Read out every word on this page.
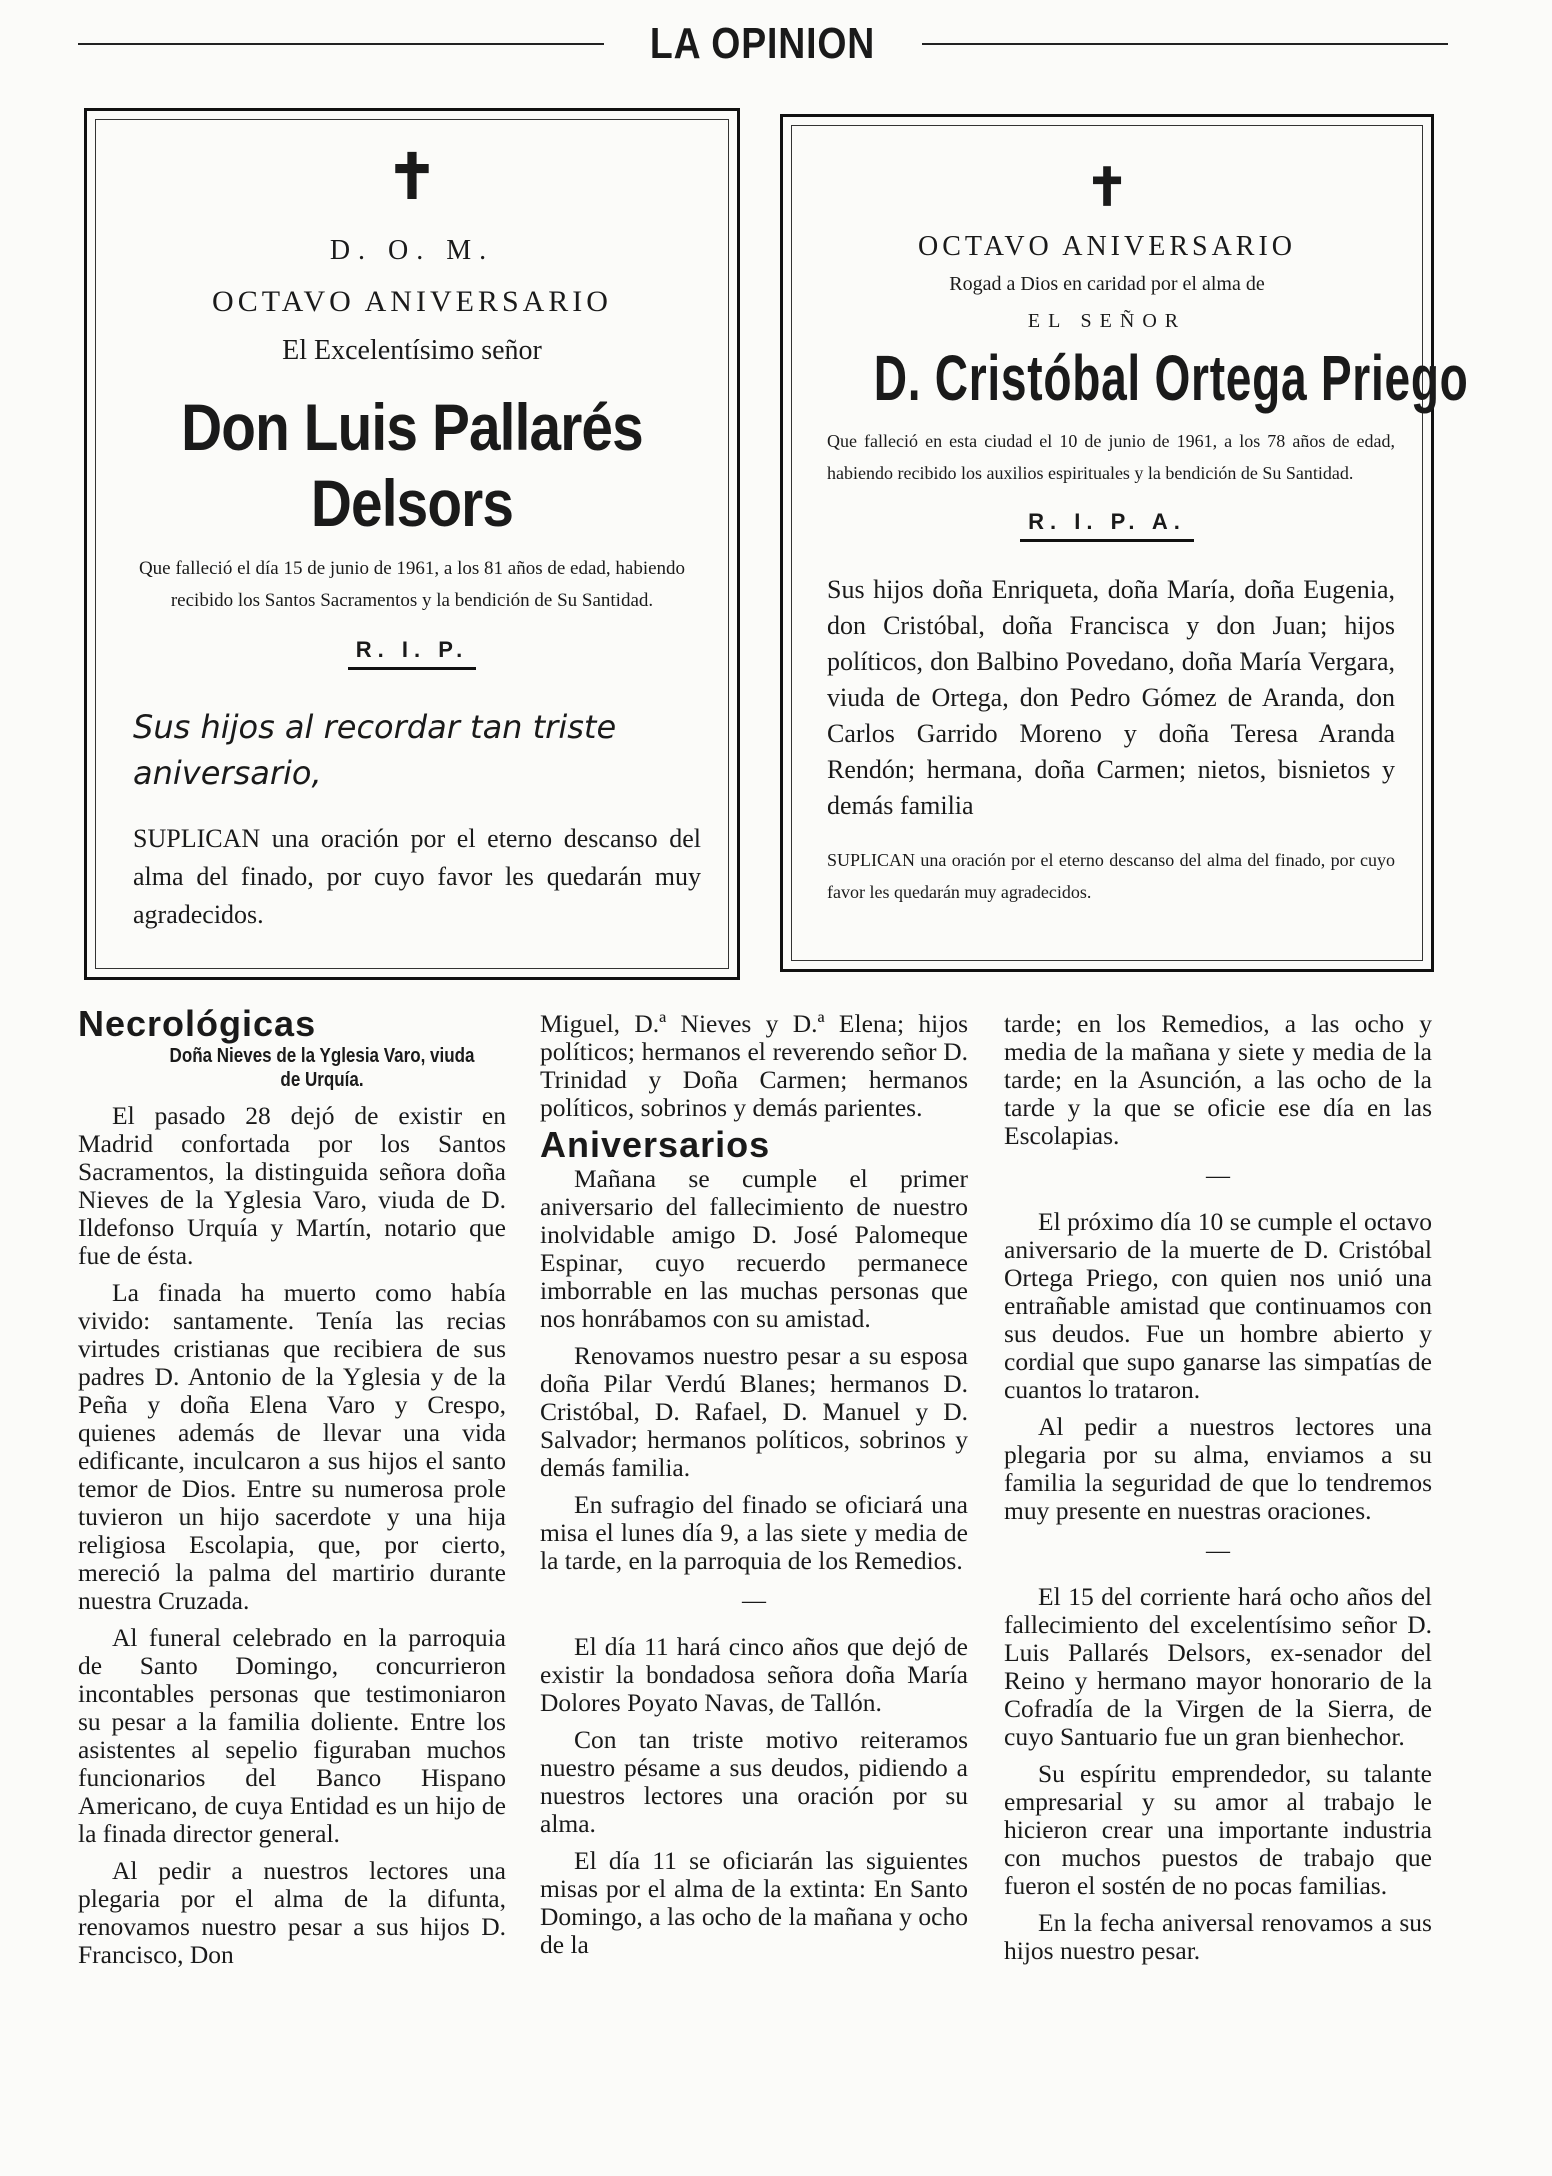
LA OPINION
✝
D. O. M.
OCTAVO ANIVERSARIO
El Excelentísimo señor
Don Luis Pallarés Delsors
Que falleció el día 15 de junio de 1961, a los 81 años de edad, habiendo recibido los Santos Sacramentos y la bendición de Su Santidad.
R. I. P.
Sus hijos al recordar tan triste aniversario,
SUPLICAN una oración por el eterno descanso del alma del finado, por cuyo favor les quedarán muy agradecidos.
✝
OCTAVO ANIVERSARIO
Rogad a Dios en caridad por el alma de
EL SEÑOR
D. Cristóbal Ortega Priego
Que falleció en esta ciudad el 10 de junio de 1961, a los 78 años de edad, habiendo recibido los auxilios espirituales y la bendición de Su Santidad.
R. I. P. A.
Sus hijos doña Enriqueta, doña María, doña Eugenia, don Cristóbal, doña Francisca y don Juan; hijos políticos, don Balbino Povedano, doña María Vergara, viuda de Ortega, don Pedro Gómez de Aranda, don Carlos Garrido Moreno y doña Teresa Aranda Rendón; hermana, doña Carmen; nietos, bisnietos y demás familia
SUPLICAN una oración por el eterno descanso del alma del finado, por cuyo favor les quedarán muy agradecidos.
Necrológicas
Doña Nieves de la Yglesia Varo, viuda de Urquía.

El pasado 28 dejó de existir en Madrid confortada por los Santos Sacramentos, la distinguida señora doña Nieves de la Yglesia Varo, viuda de D. Ildefonso Urquía y Martín, notario que fue de ésta.

La finada ha muerto como había vivido: santamente. Tenía las recias virtudes cristianas que recibiera de sus padres D. Antonio de la Yglesia y de la Peña y doña Elena Varo y Crespo, quienes además de llevar una vida edificante, inculcaron a sus hijos el santo temor de Dios. Entre su numerosa prole tuvieron un hijo sacerdote y una hija religiosa Escolapia, que, por cierto, mereció la palma del martirio durante nuestra Cruzada.

Al funeral celebrado en la parroquia de Santo Domingo, concurrieron incontables personas que testimoniaron su pesar a la familia doliente. Entre los asistentes al sepelio figuraban muchos funcionarios del Banco Hispano Americano, de cuya Entidad es un hijo de la finada director general.

Al pedir a nuestros lectores una plegaria por el alma de la difunta, renovamos nuestro pesar a sus hijos D. Francisco, Don

Miguel, D.ª Nieves y D.ª Elena; hijos políticos; hermanos el reverendo señor D. Trinidad y Doña Carmen; hermanos políticos, sobrinos y demás parientes.

Aniversarios

Mañana se cumple el primer aniversario del fallecimiento de nuestro inolvidable amigo D. José Palomeque Espinar, cuyo recuerdo permanece imborrable en las muchas personas que nos honrábamos con su amistad.

Renovamos nuestro pesar a su esposa doña Pilar Verdú Blanes; hermanos D. Cristóbal, D. Rafael, D. Manuel y D. Salvador; hermanos políticos, sobrinos y demás familia.

En sufragio del finado se oficiará una misa el lunes día 9, a las siete y media de la tarde, en la parroquia de los Remedios.

—

El día 11 hará cinco años que dejó de existir la bondadosa señora doña María Dolores Poyato Navas, de Tallón.

Con tan triste motivo reiteramos nuestro pésame a sus deudos, pidiendo a nuestros lectores una oración por su alma.

El día 11 se oficiarán las siguientes misas por el alma de la extinta: En Santo Domingo, a las ocho de la mañana y ocho de la

tarde; en los Remedios, a las ocho y media de la mañana y siete y media de la tarde; en la Asunción, a las ocho de la tarde y la que se oficie ese día en las Escolapias.

—

El próximo día 10 se cumple el octavo aniversario de la muerte de D. Cristóbal Ortega Priego, con quien nos unió una entrañable amistad que continuamos con sus deudos. Fue un hombre abierto y cordial que supo ganarse las simpatías de cuantos lo trataron.

Al pedir a nuestros lectores una plegaria por su alma, enviamos a su familia la seguridad de que lo tendremos muy presente en nuestras oraciones.

—

El 15 del corriente hará ocho años del fallecimiento del excelentísimo señor D. Luis Pallarés Delsors, ex-senador del Reino y hermano mayor honorario de la Cofradía de la Virgen de la Sierra, de cuyo Santuario fue un gran bienhechor.

Su espíritu emprendedor, su talante empresarial y su amor al trabajo le hicieron crear una importante industria con muchos puestos de trabajo que fueron el sostén de no pocas familias.

En la fecha aniversal renovamos a sus hijos nuestro pesar.
